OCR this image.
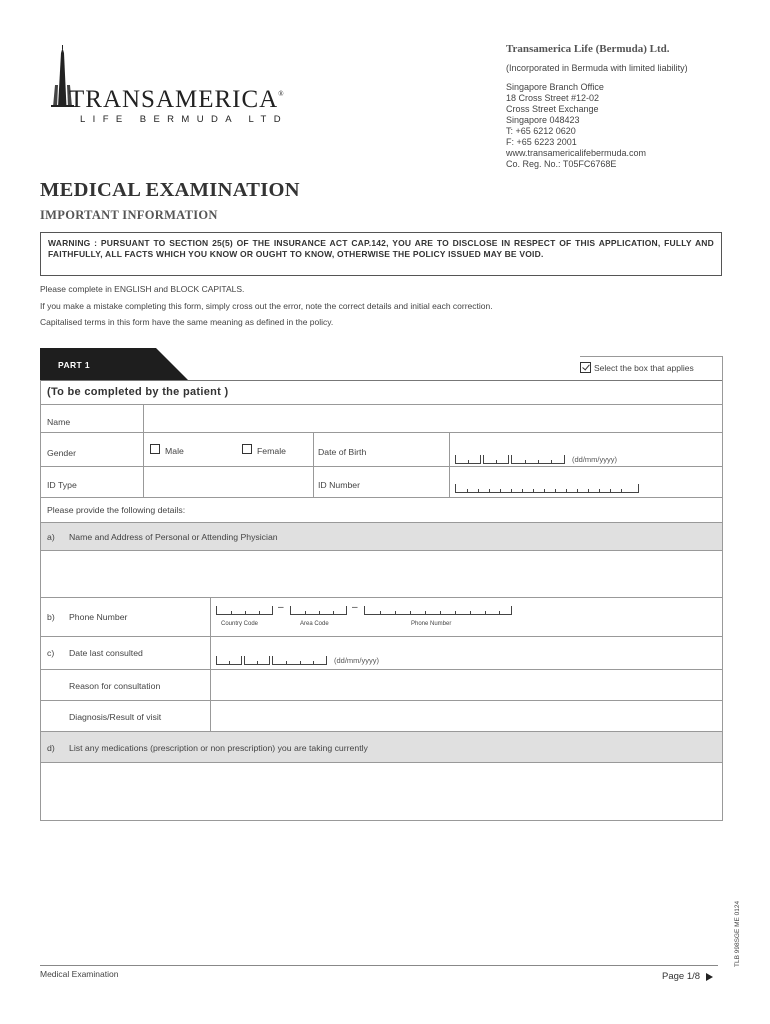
TRANSAMERICA®
LIFE BERMUDA LTD
Transamerica Life (Bermuda) Ltd.
(Incorporated in Bermuda with limited liability)
Singapore Branch Office
18 Cross Street #12-02
Cross Street Exchange
Singapore 048423
T: +65 6212 0620
F: +65 6223 2001
www.transamericalifebermuda.com
Co. Reg. No.: T05FC6768E
MEDICAL EXAMINATION
IMPORTANT INFORMATION
WARNING : PURSUANT TO SECTION 25(5) OF THE INSURANCE ACT CAP.142, YOU ARE TO DISCLOSE IN RESPECT OF THIS APPLICATION, FULLY AND FAITHFULLY, ALL FACTS WHICH YOU KNOW OR OUGHT TO KNOW, OTHERWISE THE POLICY ISSUED MAY BE VOID.
Please complete in ENGLISH and BLOCK CAPITALS.
If you make a mistake completing this form, simply cross out the error, note the correct details and initial each correction.
Capitalised terms in this form have the same meaning as defined in the policy.
PART 1	Select the box that applies
(To be completed by the patient )
Name
Gender	Male	Female	Date of Birth
(dd/mm/yyyy)
ID Type	ID Number
Please provide the following details:
a) Name and Address of Personal or Attending Physician
b) Phone Number
–	–
Country Code	Area Code	Phone Number
c) Date last consulted
(dd/mm/yyyy)
Reason for consultation
Diagnosis/Result of visit
d) List any medications (prescription or non prescription) you are taking currently
TLB 998SGE ME 0124
Medical Examination	Page 1/8
